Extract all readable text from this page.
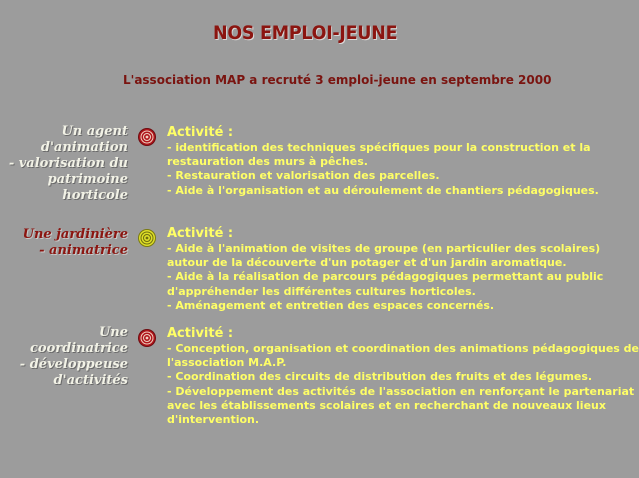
NOS EMPLOI-JEUNE
L'association MAP a recruté 3 emploi-jeune en septembre 2000
Un agent
d'animation
- valorisation du
patrimoine
horticole
Activité :
- identification des techniques spécifiques pour la construction et la
restauration des murs à pêches.
- Restauration et valorisation des parcelles.
- Aide à l'organisation et au déroulement de chantiers pédagogiques.
Une jardinière
- animatrice
Activité :
- Aide à l'animation de visites de groupe (en particulier des scolaires)
autour de la découverte d'un potager et d'un jardin aromatique.
- Aide à la réalisation de parcours pédagogiques permettant au public
d'appréhender les différentes cultures horticoles.
- Aménagement et entretien des espaces concernés.
Une
coordinatrice
- développeuse
d'activités
Activité :
- Conception, organisation et coordination des animations pédagogiques de
l'association M.A.P.
- Coordination des circuits de distribution des fruits et des légumes.
- Développement des activités de l'association en renforçant le partenariat
avec les établissements scolaires et en recherchant de nouveaux lieux
d'intervention.
